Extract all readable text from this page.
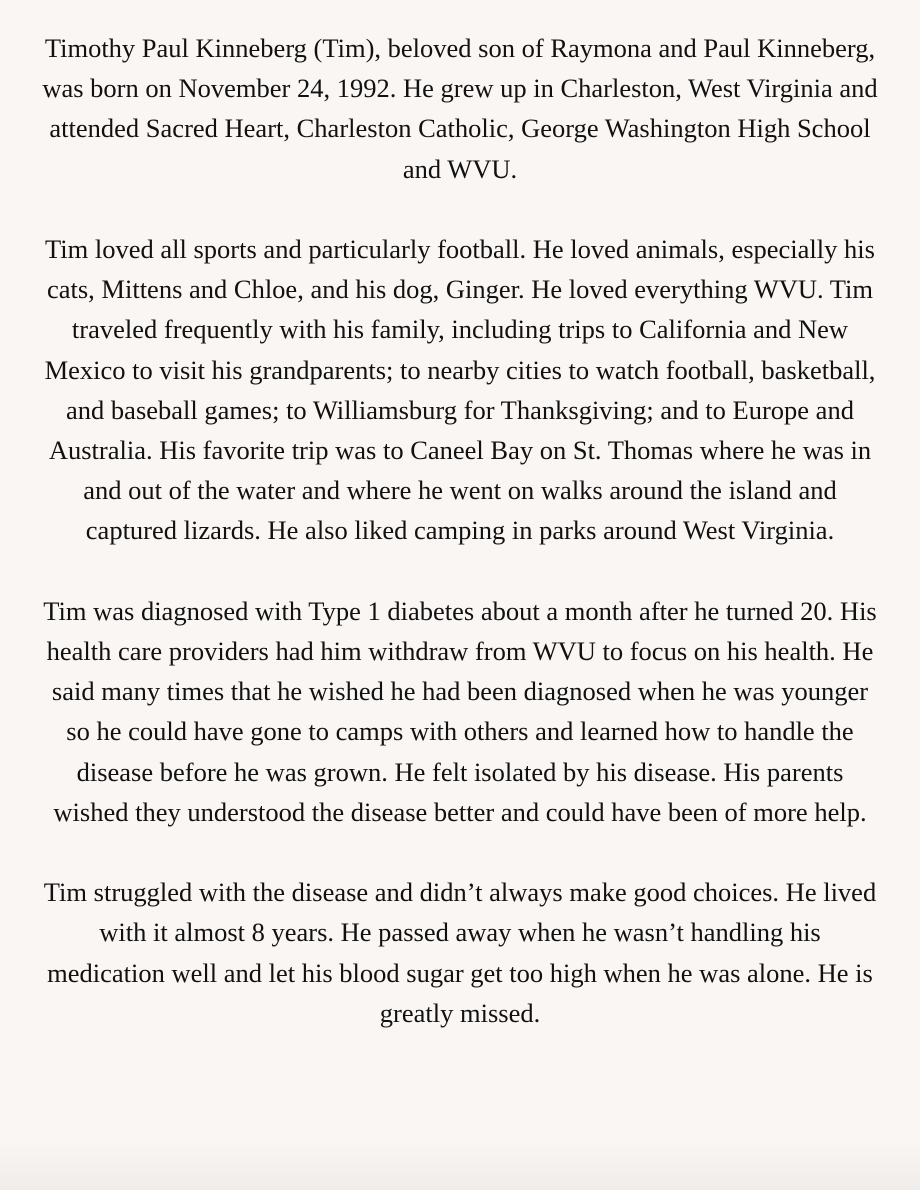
Timothy Paul Kinneberg (Tim), beloved son of Raymona and Paul Kinneberg, was born on November 24, 1992. He grew up in Charleston, West Virginia and attended Sacred Heart, Charleston Catholic, George Washington High School and WVU.

Tim loved all sports and particularly football. He loved animals, especially his cats, Mittens and Chloe, and his dog, Ginger. He loved everything WVU. Tim traveled frequently with his family, including trips to California and New Mexico to visit his grandparents; to nearby cities to watch football, basketball, and baseball games; to Williamsburg for Thanksgiving; and to Europe and Australia. His favorite trip was to Caneel Bay on St. Thomas where he was in and out of the water and where he went on walks around the island and captured lizards. He also liked camping in parks around West Virginia.

Tim was diagnosed with Type 1 diabetes about a month after he turned 20. His health care providers had him withdraw from WVU to focus on his health. He said many times that he wished he had been diagnosed when he was younger so he could have gone to camps with others and learned how to handle the disease before he was grown. He felt isolated by his disease. His parents wished they understood the disease better and could have been of more help.

Tim struggled with the disease and didn’t always make good choices. He lived with it almost 8 years. He passed away when he wasn’t handling his medication well and let his blood sugar get too high when he was alone. He is greatly missed.
